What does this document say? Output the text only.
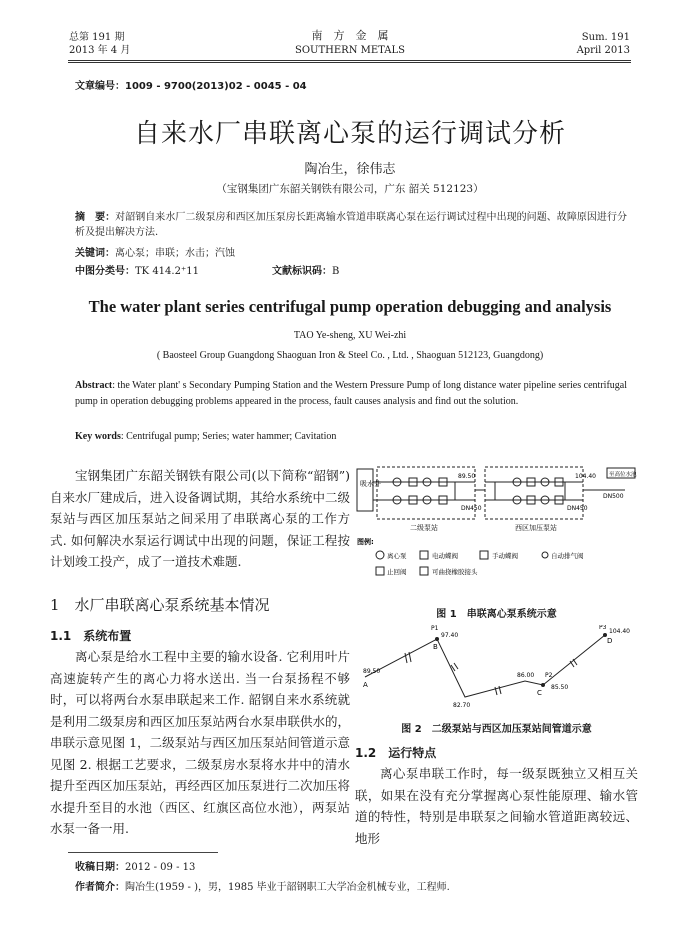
总第 191 期
2013 年 4 月
南　方　金　属
SOUTHERN METALS
Sum. 191
April 2013
文章编号：1009 - 9700(2013)02 - 0045 - 04
自来水厂串联离心泵的运行调试分析
陶冶生，徐伟志
（宝钢集团广东韶关钢铁有限公司，广东 韶关 512123）
摘　要：对韶钢自来水厂二级泵房和西区加压泵房长距离输水管道串联离心泵在运行调试过程中出现的问题、故障原因进行分析及提出解决方法.
关键词：离心泵；串联；水击；汽蚀
中图分类号：TK 414.2⁺11	文献标识码：B
The water plant series centrifugal pump operation debugging and analysis
TAO Ye-sheng, XU Wei-zhi
( Baosteel Group Guangdong Shaoguan Iron & Steel Co. , Ltd. , Shaoguan 512123, Guangdong)
Abstract: the Water plant' s Secondary Pumping Station and the Western Pressure Pump of long distance water pipeline series centrifugal pump in operation debugging problems appeared in the process, fault causes analysis and find out the solution.
Key words: Centrifugal pump; Series; water hammer; Cavitation
宝钢集团广东韶关钢铁有限公司(以下简称“韶钢”)自来水厂建成后，进入设备调试期，其给水系统中二级泵站与西区加压泵站之间采用了串联离心泵的工作方式. 如何解决水泵运行调试中出现的问题，保证工程按计划竣工投产，成了一道技术难题.
1　水厂串联离心泵系统基本情况
1.1　系统布置
离心泵是给水工程中主要的输水设备. 它利用叶片高速旋转产生的离心力将水送出. 当一台泵扬程不够时，可以将两台水泵串联起来工作. 韶钢自来水系统就是利用二级泵房和西区加压泵站两台水泵串联供水的，串联示意见图 1，二级泵站与西区加压泵站间管道示意见图 2. 根据工艺要求，二级泵房水泵将水井中的清水提升至西区加压泵站，再经西区加压泵进行二次加压将水提升至目的水池（西区、红旗区高位水池），两泵站水泵一备一用.
吸水井
二级泵站	西区加压泵站
89.50
DN450	DN450
DN500
104.40 至高位水池
图例:
离心泵	电动蝶阀	手动蝶阀	自动排气阀
止回阀	可曲挠橡胶接头
图 1　串联离心泵系统示意
89.50
A
P1
97.40
B
82.70
86.00 P2
85.50
C
P3
104.40
D
图 2　二级泵站与西区加压泵站间管道示意
1.2　运行特点
离心泵串联工作时，每一级泵既独立又相互关联，如果在没有充分掌握离心泵性能原理、输水管道的特性，特别是串联泵之间输水管道距离较远、地形
收稿日期：2012 - 09 - 13
作者简介：陶冶生(1959 - )，男，1985 毕业于韶钢职工大学冶金机械专业，工程师.
